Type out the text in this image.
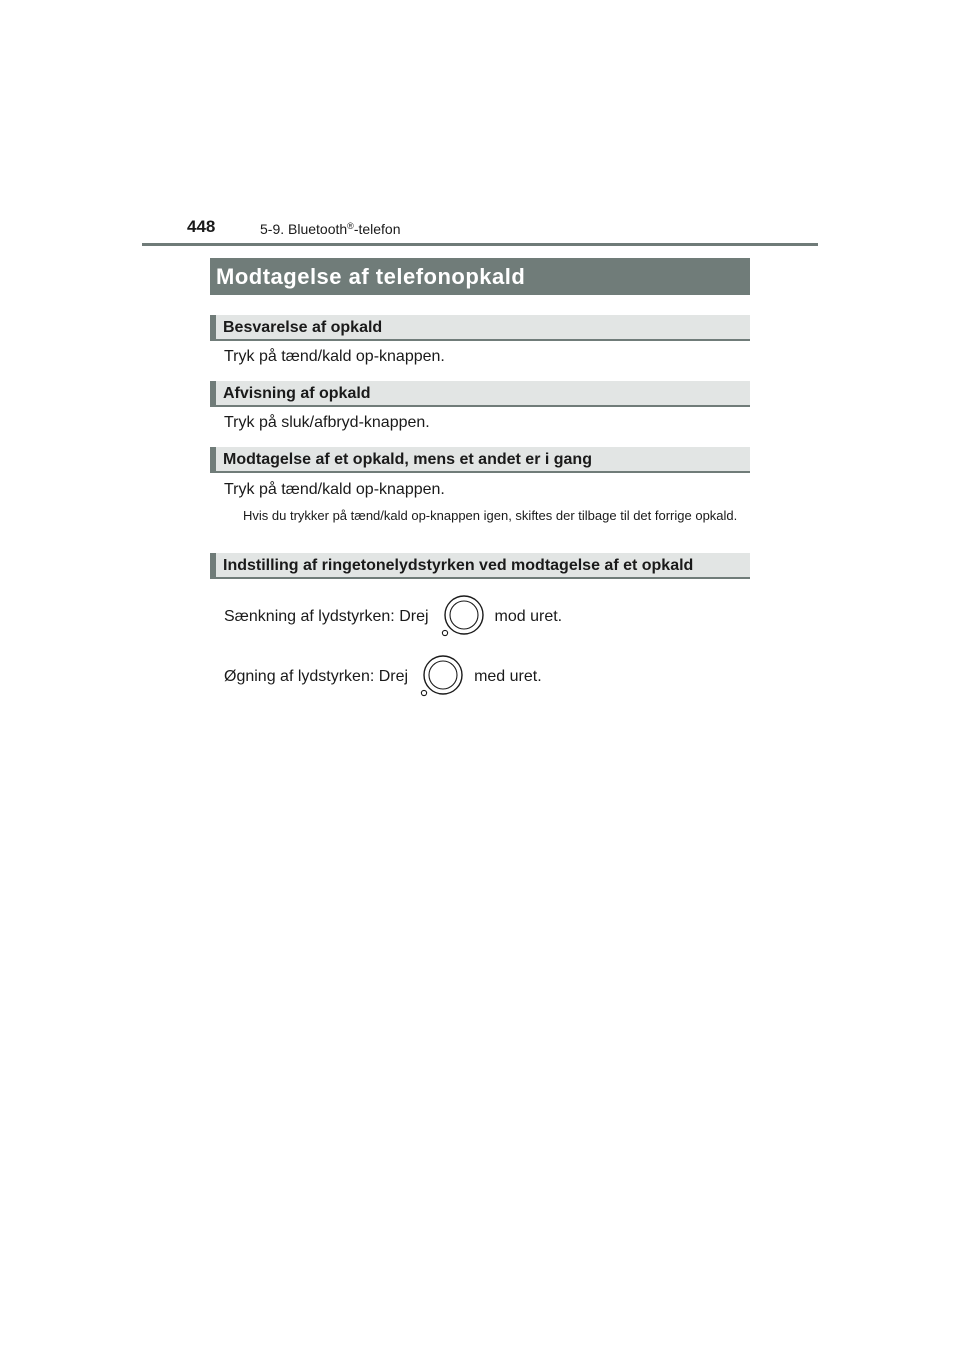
448	5-9. Bluetooth®-telefon
Modtagelse af telefonopkald
Besvarelse af opkald
Tryk på tænd/kald op-knappen.
Afvisning af opkald
Tryk på sluk/afbryd-knappen.
Modtagelse af et opkald, mens et andet er i gang
Tryk på tænd/kald op-knappen.
Hvis du trykker på tænd/kald op-knappen igen, skiftes der tilbage til det forrige opkald.
Indstilling af ringetonelydstyrken ved modtagelse af et opkald
Sænkning af lydstyrken: Drej	mod uret.
Øgning af lydstyrken: Drej	med uret.
